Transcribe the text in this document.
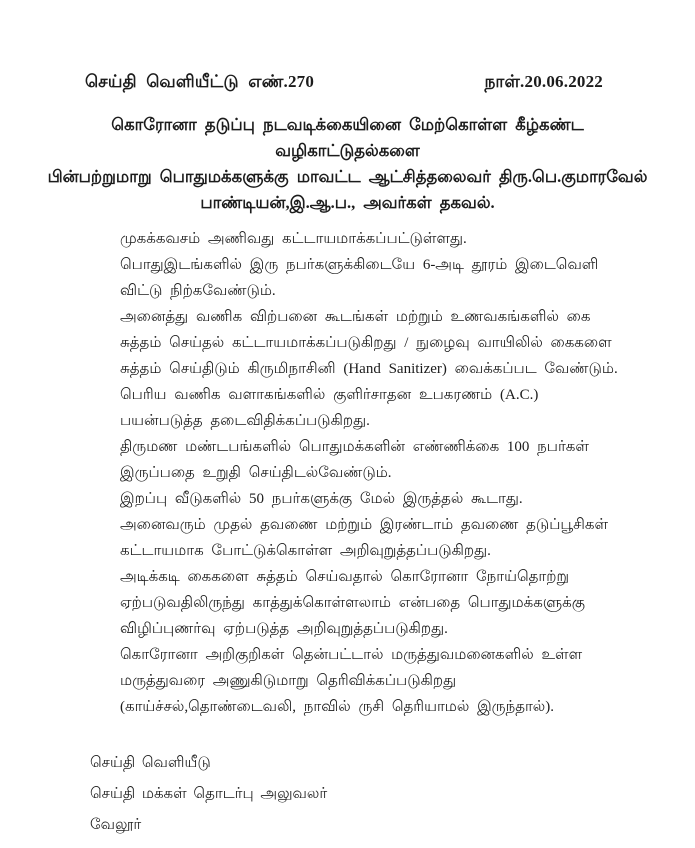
செய்தி வெளியீட்டு எண்.270	நாள்.20.06.2022
கொரோனா தடுப்பு நடவடிக்கையினை மேற்கொள்ள கீழ்கண்ட வழிகாட்டுதல்களை
பின்பற்றுமாறு பொதுமக்களுக்கு மாவட்ட ஆட்சித்தலைவர் திரு.பெ.குமாரவேல்
பாண்டியன்,இ.ஆ.ப., அவர்கள் தகவல்.

முகக்கவசம் அணிவது கட்டாயமாக்கப்பட்டுள்ளது.

பொதுஇடங்களில் இரு நபர்களுக்கிடையே 6-அடி தூரம் இடைவெளி விட்டு நிற்கவேண்டும்.

அனைத்து வணிக விற்பனை கூடங்கள் மற்றும் உணவகங்களில் கை சுத்தம் செய்தல் கட்டாயமாக்கப்படுகிறது / நுழைவு வாயிலில் கைகளை சுத்தம் செய்திடும் கிருமிநாசினி (Hand Sanitizer) வைக்கப்பட வேண்டும்.

பெரிய வணிக வளாகங்களில் குளிர்சாதன உபகரணம் (A.C.) பயன்படுத்த தடைவிதிக்கப்படுகிறது.

திருமண மண்டபங்களில் பொதுமக்களின் எண்ணிக்கை 100 நபர்கள் இருப்பதை உறுதி செய்திடல்வேண்டும்.

இறப்பு வீடுகளில் 50 நபர்களுக்கு மேல் இருத்தல் கூடாது.

அனைவரும் முதல் தவணை மற்றும் இரண்டாம் தவணை தடுப்பூசிகள் கட்டாயமாக போட்டுக்கொள்ள அறிவுறுத்தப்படுகிறது.

அடிக்கடி கைகளை சுத்தம் செய்வதால் கொரோனா நோய்தொற்று ஏற்படுவதிலிருந்து காத்துக்கொள்ளலாம் என்பதை பொதுமக்களுக்கு விழிப்புணர்வு ஏற்படுத்த அறிவுறுத்தப்படுகிறது.

கொரோனா அறிகுறிகள் தென்பட்டால் மருத்துவமனைகளில் உள்ள மருத்துவரை அணுகிடுமாறு தெரிவிக்கப்படுகிறது (காய்ச்சல்,தொண்டைவலி, நாவில் ருசி தெரியாமல் இருந்தால்).

செய்தி வெளியீடு
செய்தி மக்கள் தொடர்பு அலுவலர்
வேலூர்
